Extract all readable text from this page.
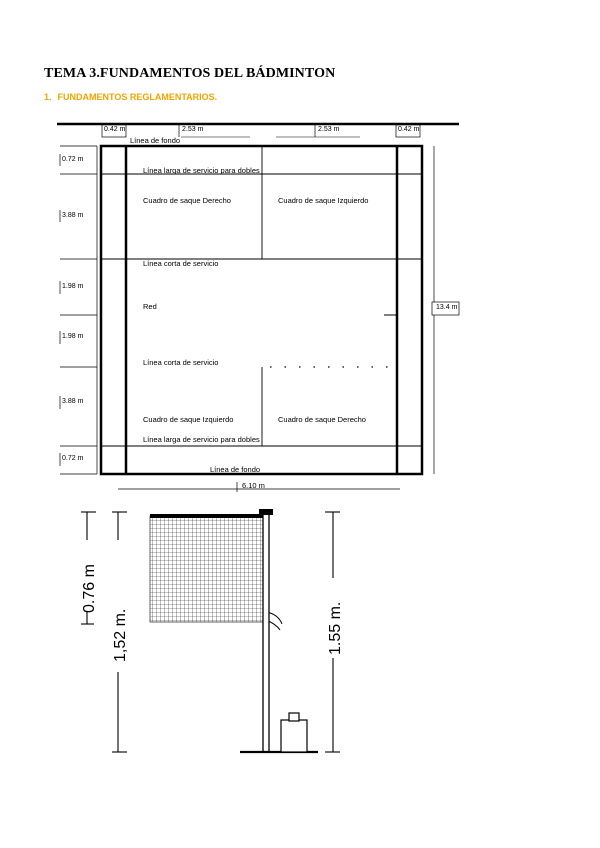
TEMA 3.FUNDAMENTOS DEL BÁDMINTON
1. FUNDAMENTOS REGLAMENTARIOS.
0.42 m	2.53 m	2.53 m	0.42 m
Línea de fondo
Línea larga de servicio para dobles
Cuadro de saque Derecho	Cuadro de saque Izquierdo
Línea corta de servicio
Red
Línea corta de servicio
Cuadro de saque Izquierdo	Cuadro de saque Derecho
Línea larga de servicio para dobles
Línea de fondo
0.72 m
3.88 m
1.98 m
1.98 m
3.88 m
0.72 m
13.4 m
6.10 m
0.76 m
1,52 m.	1.55 m.
